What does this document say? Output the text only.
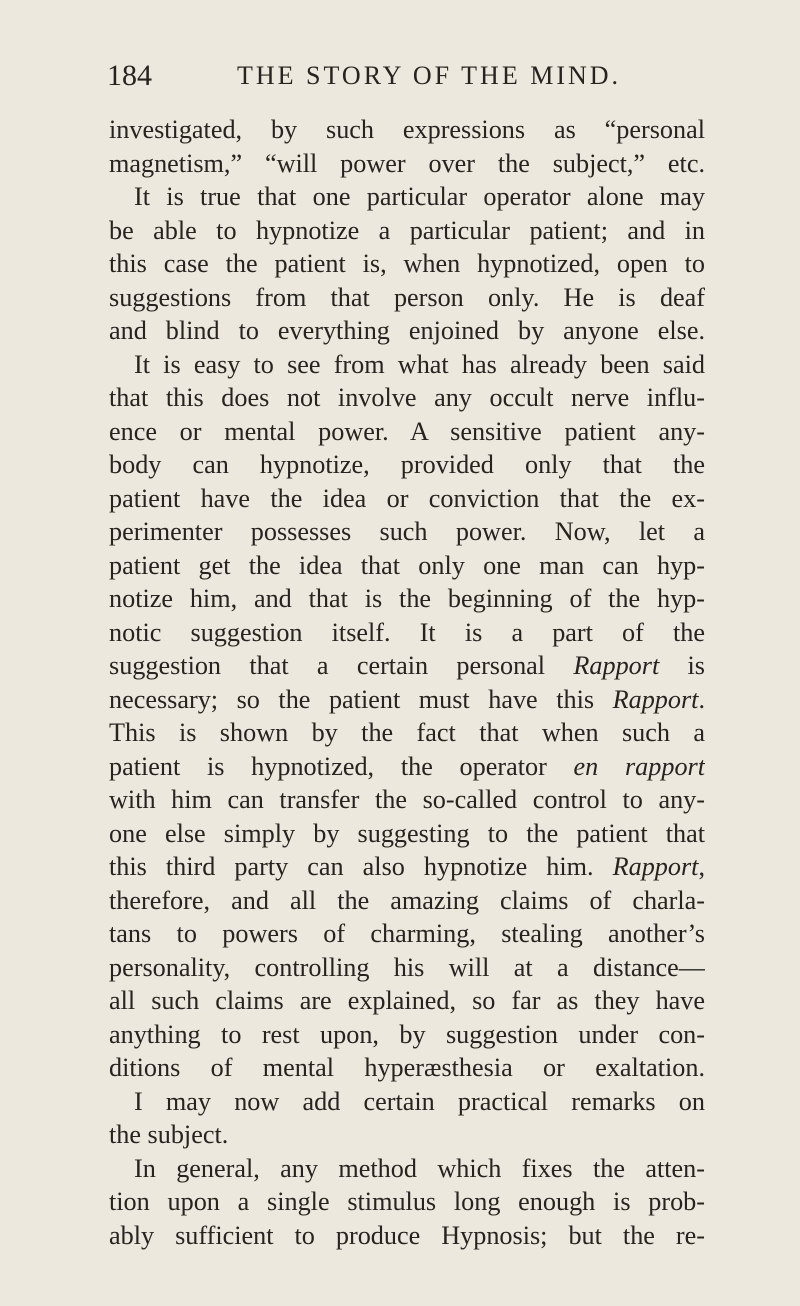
184	THE STORY OF THE MIND.
investigated, by such expressions as “personal
magnetism,” “will power over the subject,” etc.
It is true that one particular operator alone may
be able to hypnotize a particular patient; and in
this case the patient is, when hypnotized, open to
suggestions from that person only. He is deaf
and blind to everything enjoined by anyone else.
It is easy to see from what has already been said
that this does not involve any occult nerve influ-
ence or mental power. A sensitive patient any-
body can hypnotize, provided only that the
patient have the idea or conviction that the ex-
perimenter possesses such power. Now, let a
patient get the idea that only one man can hyp-
notize him, and that is the beginning of the hyp-
notic suggestion itself. It is a part of the
suggestion that a certain personal Rapport is
necessary; so the patient must have this Rapport.
This is shown by the fact that when such a
patient is hypnotized, the operator en rapport
with him can transfer the so-called control to any-
one else simply by suggesting to the patient that
this third party can also hypnotize him. Rapport,
therefore, and all the amazing claims of charla-
tans to powers of charming, stealing another’s
personality, controlling his will at a distance—
all such claims are explained, so far as they have
anything to rest upon, by suggestion under con-
ditions of mental hyperæsthesia or exaltation.
I may now add certain practical remarks on
the subject.
In general, any method which fixes the atten-
tion upon a single stimulus long enough is prob-
ably sufficient to produce Hypnosis; but the re-
